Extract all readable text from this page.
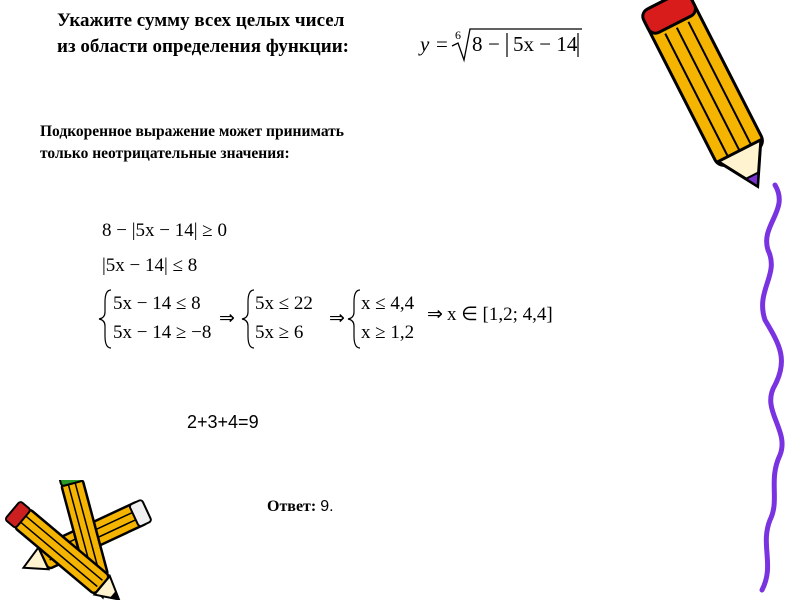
Укажите сумму всех целых чисел
из области определения функции:	y = 6 8 − 5x − 14
Подкоренное выражение может принимать
только неотрицательные значения:
8 − |5x − 14| ≥ 0
|5x − 14| ≤ 8
5x − 14 ≤ 8
5x − 14 ≥ −8
⇒
5x ≤ 22
5x ≥ 6
⇒
x ≤ 4,4
x ≥ 1,2
⇒ x ∈ [1,2; 4,4]
2+3+4=9
Ответ: 9.
